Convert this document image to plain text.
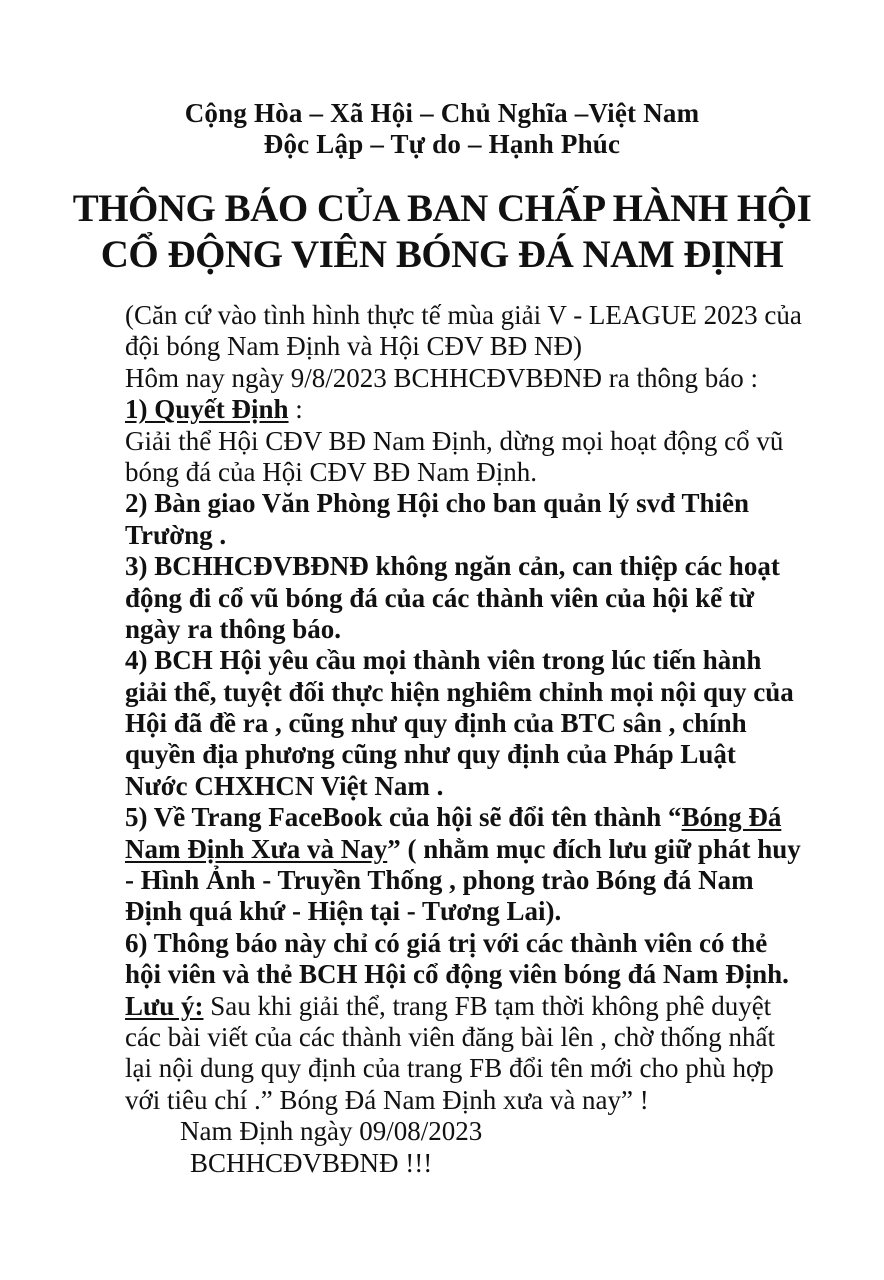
Cộng Hòa – Xã Hội – Chủ Nghĩa –Việt Nam
Độc Lập – Tự do – Hạnh Phúc
THÔNG BÁO CỦA BAN CHẤP HÀNH HỘI
CỔ ĐỘNG VIÊN BÓNG ĐÁ NAM ĐỊNH
(Căn cứ vào tình hình thực tế mùa giải V - LEAGUE 2023 của
đội bóng Nam Định và Hội CĐV BĐ NĐ)
Hôm nay ngày 9/8/2023 BCHHCĐVBĐNĐ ra thông báo :
1) Quyết Định :
Giải thể Hội CĐV BĐ Nam Định, dừng mọi hoạt động cổ vũ
bóng đá của Hội CĐV BĐ Nam Định.
2) Bàn giao Văn Phòng Hội cho ban quản lý svđ Thiên
Trường .
3) BCHHCĐVBĐNĐ không ngăn cản, can thiệp các hoạt
động đi cổ vũ bóng đá của các thành viên của hội kể từ
ngày ra thông báo.
4) BCH Hội yêu cầu mọi thành viên trong lúc tiến hành
giải thể, tuyệt đối thực hiện nghiêm chỉnh mọi nội quy của
Hội đã đề ra , cũng như quy định của BTC sân , chính
quyền địa phương cũng như quy định của Pháp Luật
Nước CHXHCN Việt Nam .
5) Về Trang FaceBook của hội sẽ đổi tên thành “Bóng Đá
Nam Định Xưa và Nay” ( nhằm mục đích lưu giữ phát huy
- Hình Ảnh - Truyền Thống , phong trào Bóng đá Nam
Định quá khứ - Hiện tại - Tương Lai).
6) Thông báo này chỉ có giá trị với các thành viên có thẻ
hội viên và thẻ BCH Hội cổ động viên bóng đá Nam Định.
Lưu ý: Sau khi giải thể, trang FB tạm thời không phê duyệt
các bài viết của các thành viên đăng bài lên , chờ thống nhất
lại nội dung quy định của trang FB đổi tên mới cho phù hợp
với tiêu chí .” Bóng Đá Nam Định xưa và nay” !
Nam Định ngày 09/08/2023
BCHHCĐVBĐNĐ !!!
